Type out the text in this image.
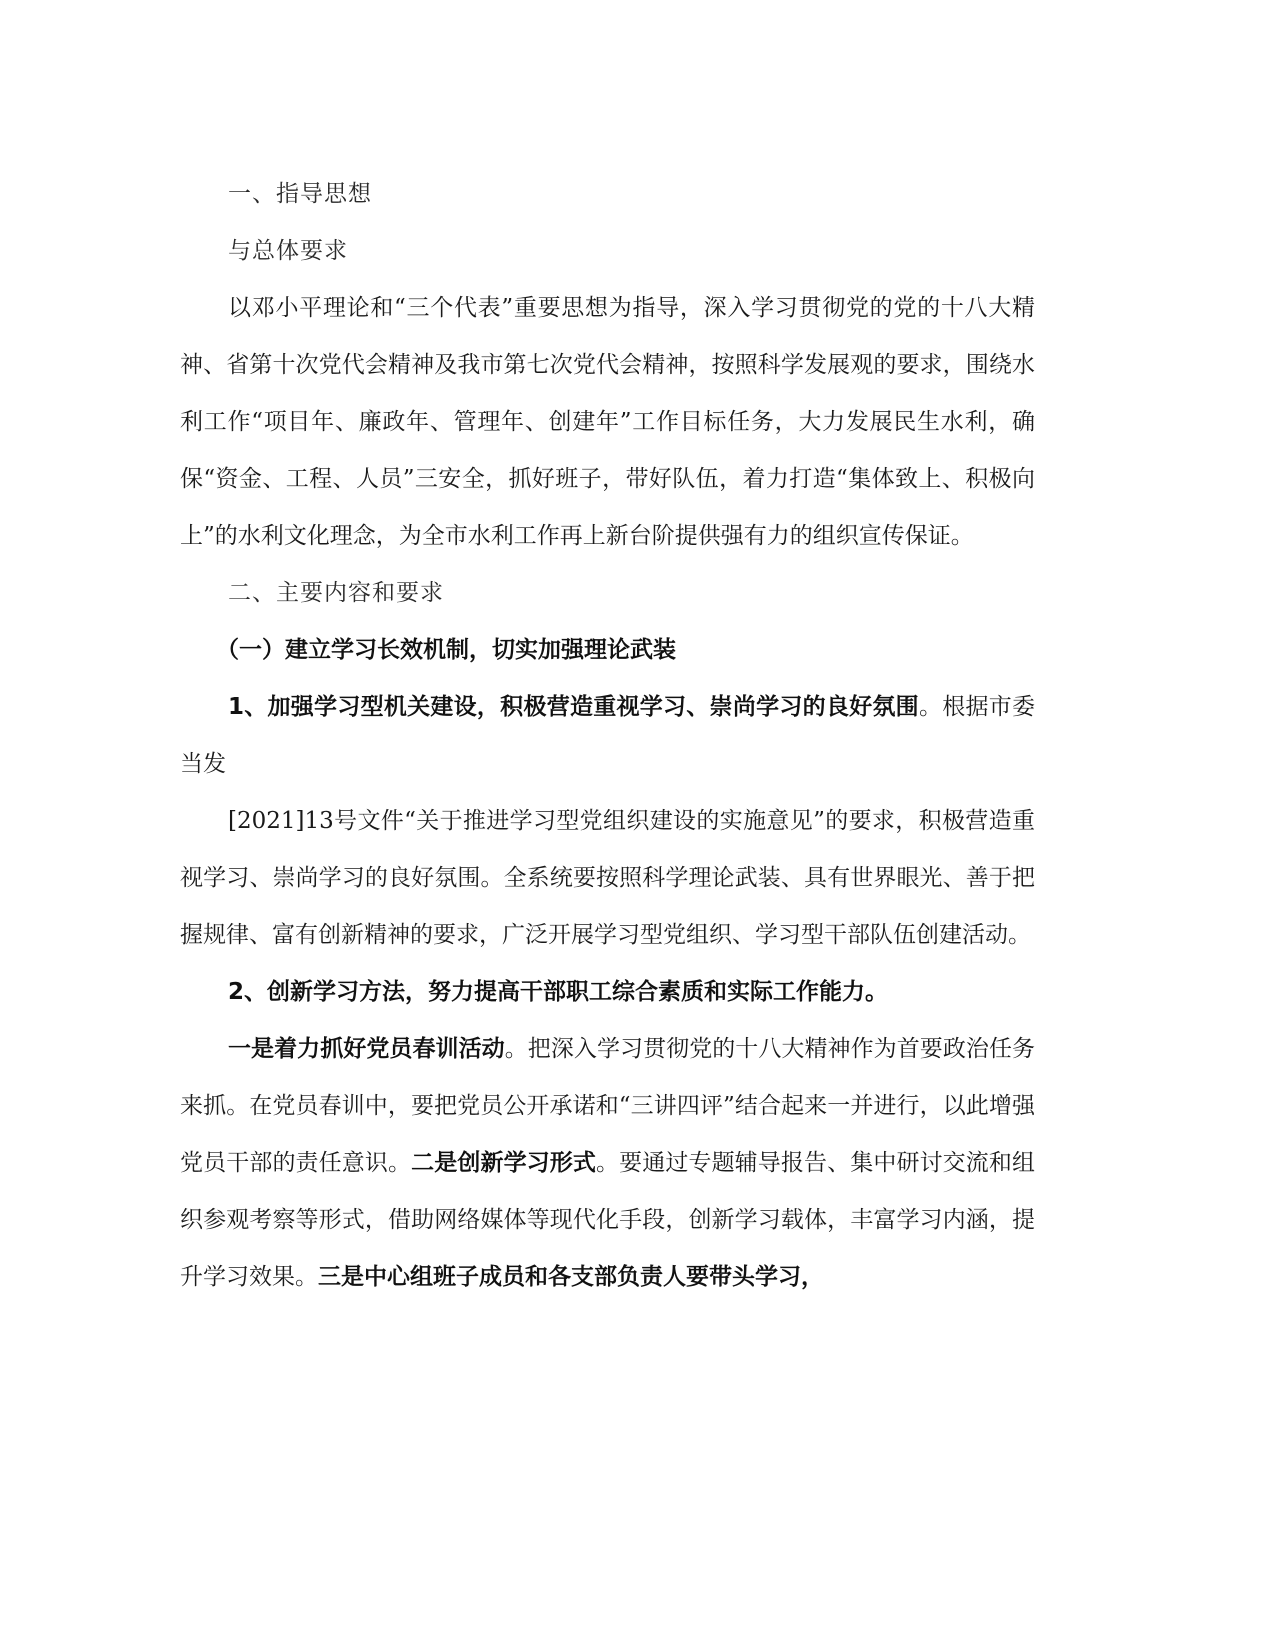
一、指导思想

与总体要求

以邓小平理论和“三个代表”重要思想为指导，深入学习贯彻党的党的十八大精神、省第十次党代会精神及我市第七次党代会精神，按照科学发展观的要求，围绕水利工作“项目年、廉政年、管理年、创建年”工作目标任务，大力发展民生水利，确保“资金、工程、人员”三安全，抓好班子，带好队伍，着力打造“集体致上、积极向上”的水利文化理念，为全市水利工作再上新台阶提供强有力的组织宣传保证。

二、主要内容和要求

（一）建立学习长效机制，切实加强理论武装

1、加强学习型机关建设，积极营造重视学习、崇尚学习的良好氛围。根据市委当发

[2021]13号文件“关于推进学习型党组织建设的实施意见”的要求，积极营造重视学习、崇尚学习的良好氛围。全系统要按照科学理论武装、具有世界眼光、善于把握规律、富有创新精神的要求，广泛开展学习型党组织、学习型干部队伍创建活动。

2、创新学习方法，努力提高干部职工综合素质和实际工作能力。

一是着力抓好党员春训活动。把深入学习贯彻党的十八大精神作为首要政治任务来抓。在党员春训中，要把党员公开承诺和“三讲四评”结合起来一并进行，以此增强党员干部的责任意识。二是创新学习形式。要通过专题辅导报告、集中研讨交流和组织参观考察等形式，借助网络媒体等现代化手段，创新学习载体，丰富学习内涵，提升学习效果。三是中心组班子成员和各支部负责人要带头学习，
